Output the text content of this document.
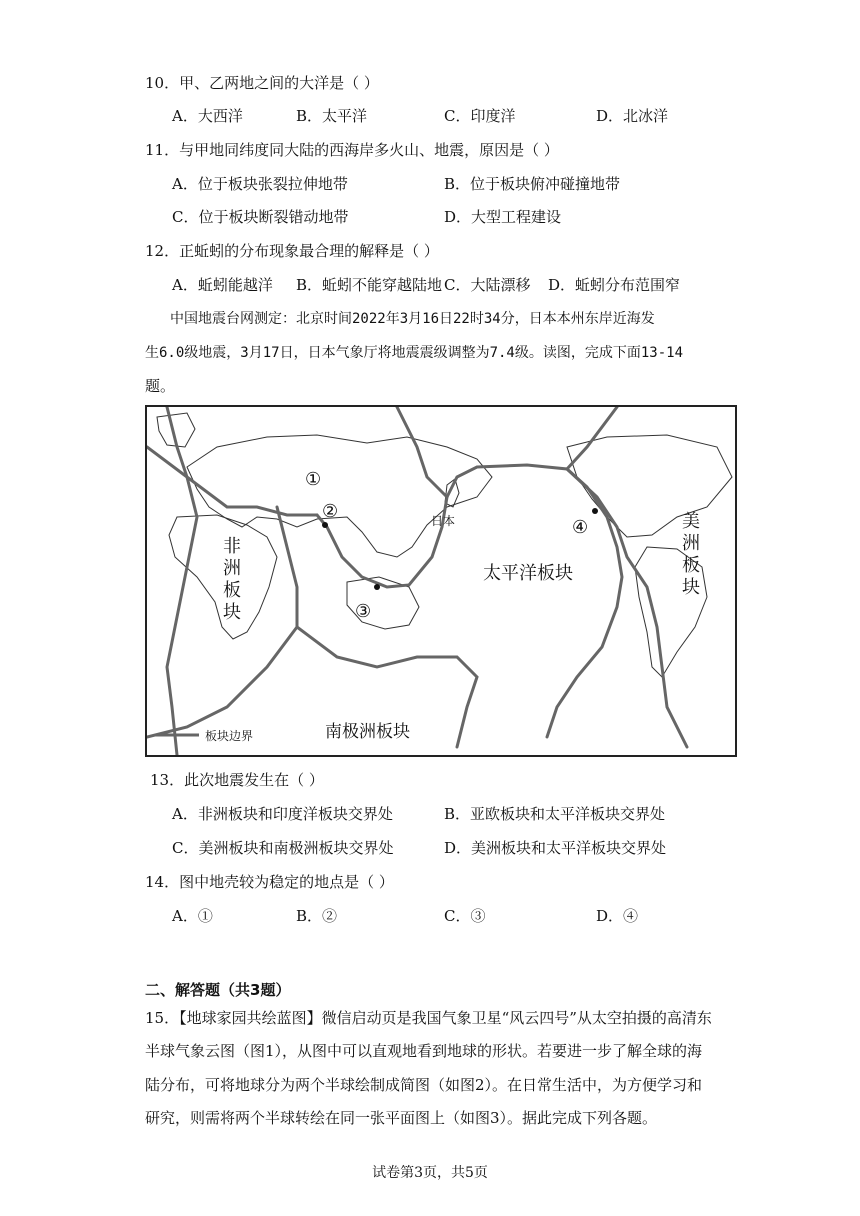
10．甲、乙两地之间的大洋是（ ）
A．大西洋	B．太平洋	C．印度洋	D．北冰洋
11．与甲地同纬度同大陆的西海岸多火山、地震，原因是（ ）
A．位于板块张裂拉伸地带	B．位于板块俯冲碰撞地带
C．位于板块断裂错动地带	D．大型工程建设
12．正蚯蚓的分布现象最合理的解释是（ ）
A．蚯蚓能越洋 B．蚯蚓不能穿越陆地 C．大陆漂移 D．蚯蚓分布范围窄
中国地震台网测定：北京时间2022年3月16日22时34分，日本本州东岸近海发
生6.0级地震，3月17日，日本气象厅将地震震级调整为7.4级。读图，完成下面13-14
题。
①
②
③
④
日本
太平洋板块
南极洲板块
非
洲
板
块
美
洲
板
块
板块边界
13．此次地震发生在（ ）
A．非洲板块和印度洋板块交界处	B．亚欧板块和太平洋板块交界处
C．美洲板块和南极洲板块交界处	D．美洲板块和太平洋板块交界处
14．图中地壳较为稳定的地点是（ ）
A．①	B．②	C．③	D．④
二、解答题（共3题）
15．【地球家园共绘蓝图】微信启动页是我国气象卫星“风云四号”从太空拍摄的高清东
半球气象云图（图1），从图中可以直观地看到地球的形状。若要进一步了解全球的海
陆分布，可将地球分为两个半球绘制成简图（如图2）。在日常生活中，为方便学习和
研究，则需将两个半球转绘在同一张平面图上（如图3）。据此完成下列各题。
试卷第3页，共5页
